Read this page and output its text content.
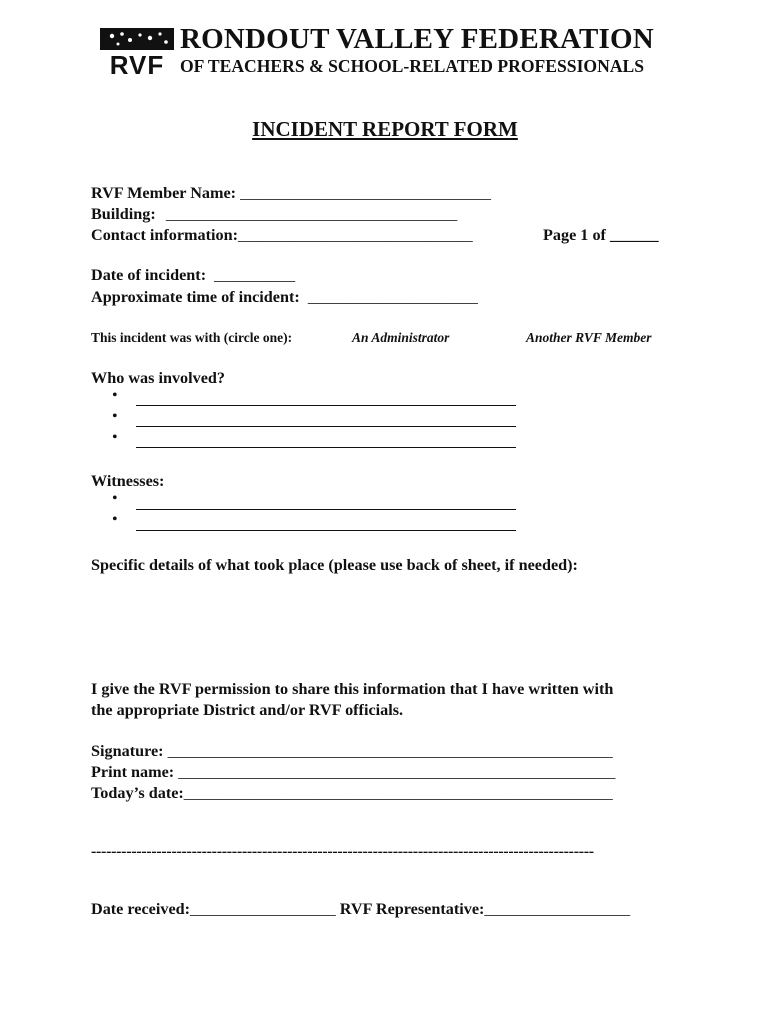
RVF
RONDOUT VALLEY FEDERATION
OF TEACHERS & SCHOOL-RELATED PROFESSIONALS
INCIDENT REPORT FORM
RVF Member Name: _______________________________
Building: ____________________________________
Contact information:_____________________________	Page 1 of ______
Date of incident: __________
Approximate time of incident: _____________________
This incident was with (circle one):	An Administrator	Another RVF Member
Who was involved?
•
•
•
Witnesses:
•
•
Specific details of what took place (please use back of sheet, if needed):
I give the RVF permission to share this information that I have written with
the appropriate District and/or RVF officials.
Signature: _______________________________________________________
Print name: ______________________________________________________
Today’s date:_____________________________________________________
----------------------------------------------------------------------------------------------------
Date received:__________________ RVF Representative:__________________
